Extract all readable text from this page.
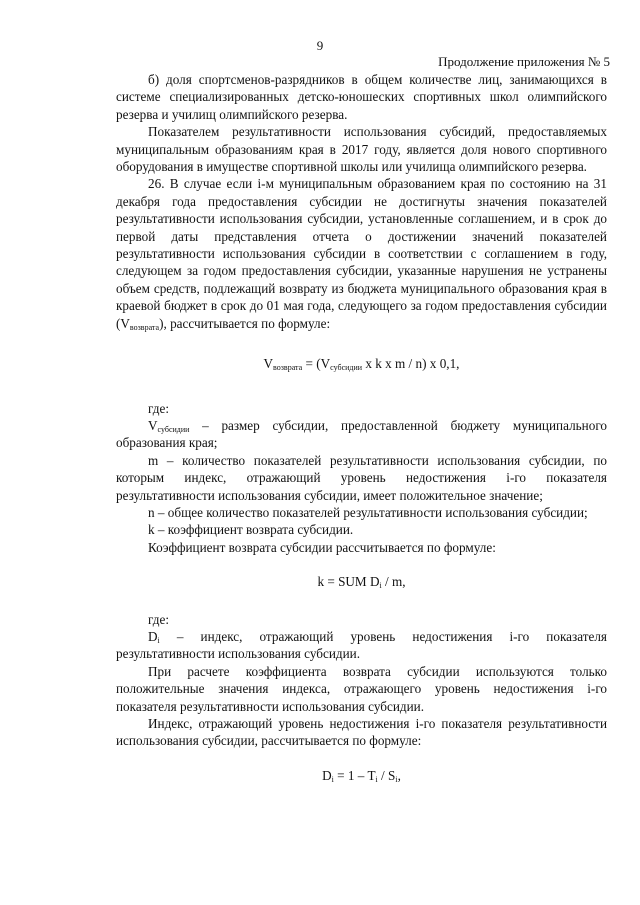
9
Продолжение приложения № 5

б) доля спортсменов-разрядников в общем количестве лиц, занимающихся в системе специализированных детско-юношеских спортивных школ олимпийского резерва и училищ олимпийского резерва.

Показателем результативности использования субсидий, предоставляемых муниципальным образованиям края в 2017 году, является доля нового спортивного оборудования в имуществе спортивной школы или училища олимпийского резерва.

26. В случае если i-м муниципальным образованием края по состоянию на 31 декабря года предоставления субсидии не достигнуты значения показателей результативности использования субсидии, установленные соглашением, и в срок до первой даты представления отчета о достижении значений показателей результативности использования субсидии в соответствии с соглашением в году, следующем за годом предоставления субсидии, указанные нарушения не устранены объем средств, подлежащий возврату из бюджета муниципального образования края в краевой бюджет в срок до 01 мая года, следующего за годом предоставления субсидии $(V_{возврата})$, рассчитывается по формуле:

$V_{возврата} = (V_{субсидии}$ х k х m / n) х 0,1,

где:

$V_{субсидии}$ – размер субсидии, предоставленной бюджету муниципального образования края;

m – количество показателей результативности использования субсидии, по которым индекс, отражающий уровень недостижения i-го показателя результативности использования субсидии, имеет положительное значение;

n – общее количество показателей результативности использования субсидии;

k – коэффициент возврата субсидии.

Коэффициент возврата субсидии рассчитывается по формуле:

k = SUM $D_i$ / m,

где:

$D_i$ – индекс, отражающий уровень недостижения i-го показателя результативности использования субсидии.

При расчете коэффициента возврата субсидии используются только положительные значения индекса, отражающего уровень недостижения i-го показателя результативности использования субсидии.

Индекс, отражающий уровень недостижения i-го показателя результативности использования субсидии, рассчитывается по формуле:

$D_i = 1 - T_i / S_i$,
